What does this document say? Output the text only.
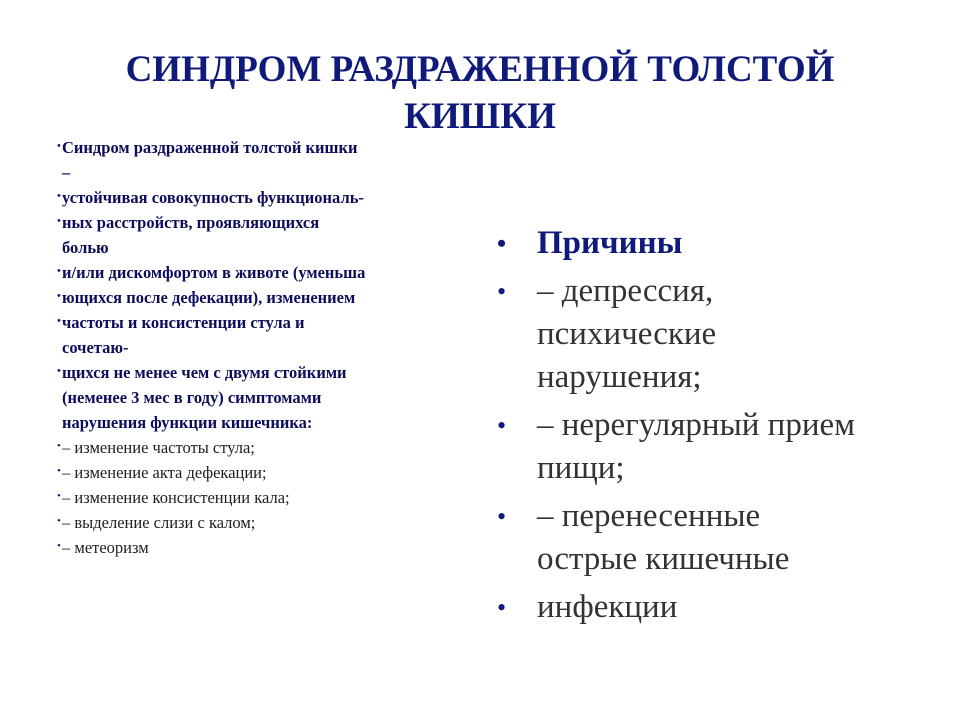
СИНДРОМ РАЗДРАЖЕННОЙ ТОЛСТОЙ КИШКИ
• Синдром раздраженной толстой кишки
–
• устойчивая совокупность функциональ-
• ных расстройств, проявляющихся
болью
• и/или дискомфортом в животе (уменьша
• ющихся после дефекации), изменением
• частоты и консистенции стула и
сочетаю-
• щихся не менее чем с двумя стойкими
(неменее 3 мес в году) симптомами
нарушения функции кишечника:
• – изменение частоты стула;
• – изменение акта дефекации;
• – изменение консистенции кала;
• – выделение слизи с калом;
• – метеоризм
• Причины
• – депрессия,
психические
нарушения;
• – нерегулярный прием
пищи;
• – перенесенные
острые кишечные
• инфекции
